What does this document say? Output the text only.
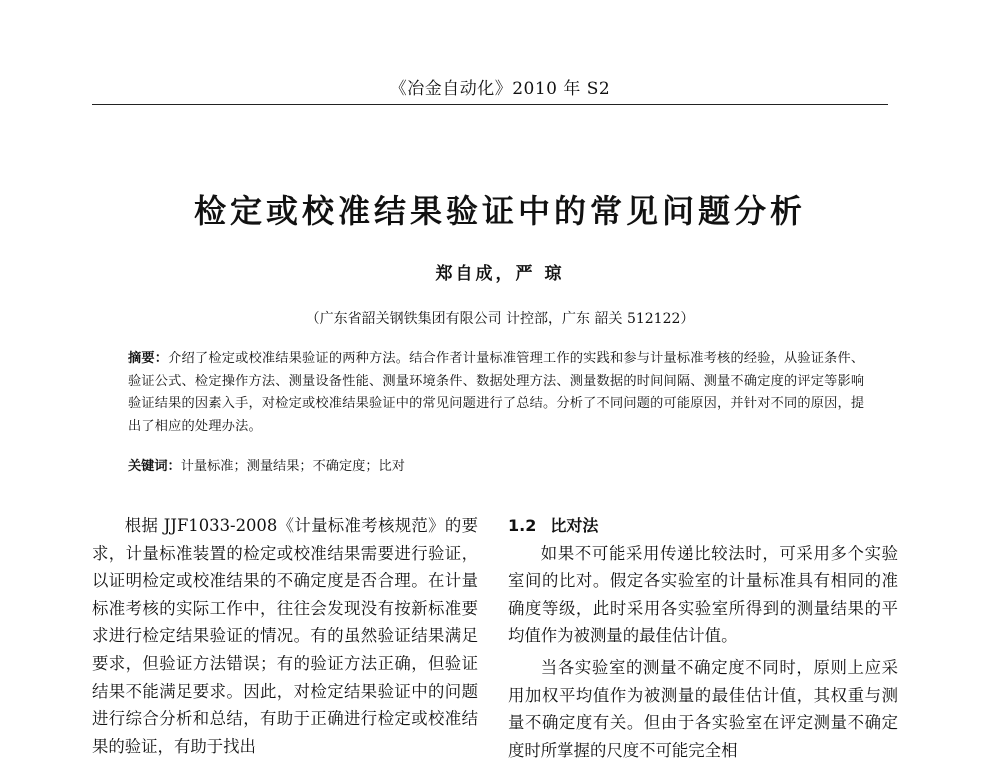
《冶金自动化》2010 年 S2
检定或校准结果验证中的常见问题分析
郑自成，严 琼
（广东省韶关钢铁集团有限公司 计控部，广东 韶关 512122）
摘要：介绍了检定或校准结果验证的两种方法。结合作者计量标准管理工作的实践和参与计量标准考核的经验，从验证条件、验证公式、检定操作方法、测量设备性能、测量环境条件、数据处理方法、测量数据的时间间隔、测量不确定度的评定等影响验证结果的因素入手，对检定或校准结果验证中的常见问题进行了总结。分析了不同问题的可能原因，并针对不同的原因，提出了相应的处理办法。
关键词：计量标准；测量结果；不确定度；比对

根据 JJF1033-2008《计量标准考核规范》的要求，计量标准装置的检定或校准结果需要进行验证，以证明检定或校准结果的不确定度是否合理。在计量标准考核的实际工作中，往往会发现没有按新标准要求进行检定结果验证的情况。有的虽然验证结果满足要求，但验证方法错误；有的验证方法正确，但验证结果不能满足要求。因此，对检定结果验证中的问题进行综合分析和总结，有助于正确进行检定或校准结果的验证，有助于找出

1.2 比对法

如果不可能采用传递比较法时，可采用多个实验室间的比对。假定各实验室的计量标准具有相同的准确度等级，此时采用各实验室所得到的测量结果的平均值作为被测量的最佳估计值。

当各实验室的测量不确定度不同时，原则上应采用加权平均值作为被测量的最佳估计值，其权重与测量不确定度有关。但由于各实验室在评定测量不确定度时所掌握的尺度不可能完全相
